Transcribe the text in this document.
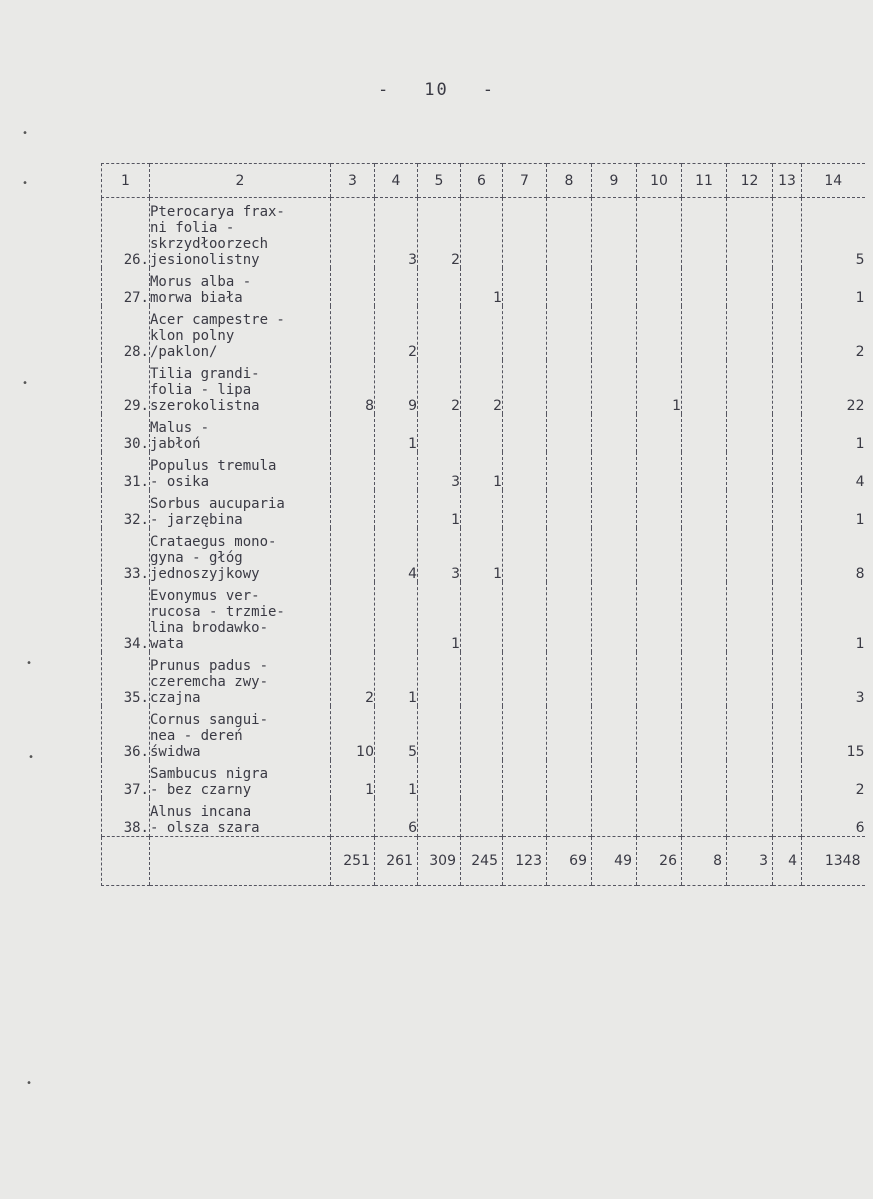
- 10 -
1	2	3	4	5	6	7	8	9	10	11	12	13	14
26.	Pterocarya frax-
ni folia -
skrzydłoorzech
jesionolistny		3	2									5
27.	Morus alba -
morwa biała				1								1
28.	Acer campestre -
klon polny
/paklon/		2										2
29.	Tilia grandi-
folia - lipa
szerokolistna	8	9	2	2				1				22
30.	Malus -
jabłoń		1										1
31.	Populus tremula
- osika			3	1								4
32.	Sorbus aucuparia
- jarzębina			1									1
33.	Crataegus mono-
gyna - głóg
jednoszyjkowy		4	3	1								8
34.	Evonymus ver-
rucosa - trzmie-
lina brodawko-
wata			1									1
35.	Prunus padus -
czeremcha zwy-
czajna	2	1										3
36.	Cornus sangui-
nea - dereń
świdwa	10	5										15
37.	Sambucus nigra
- bez czarny	1	1										2
38.	Alnus incana
- olsza szara		6										6
		251	261	309	245	123	69	49	26	8	3	4	1348
•
•
•
•
•
•
